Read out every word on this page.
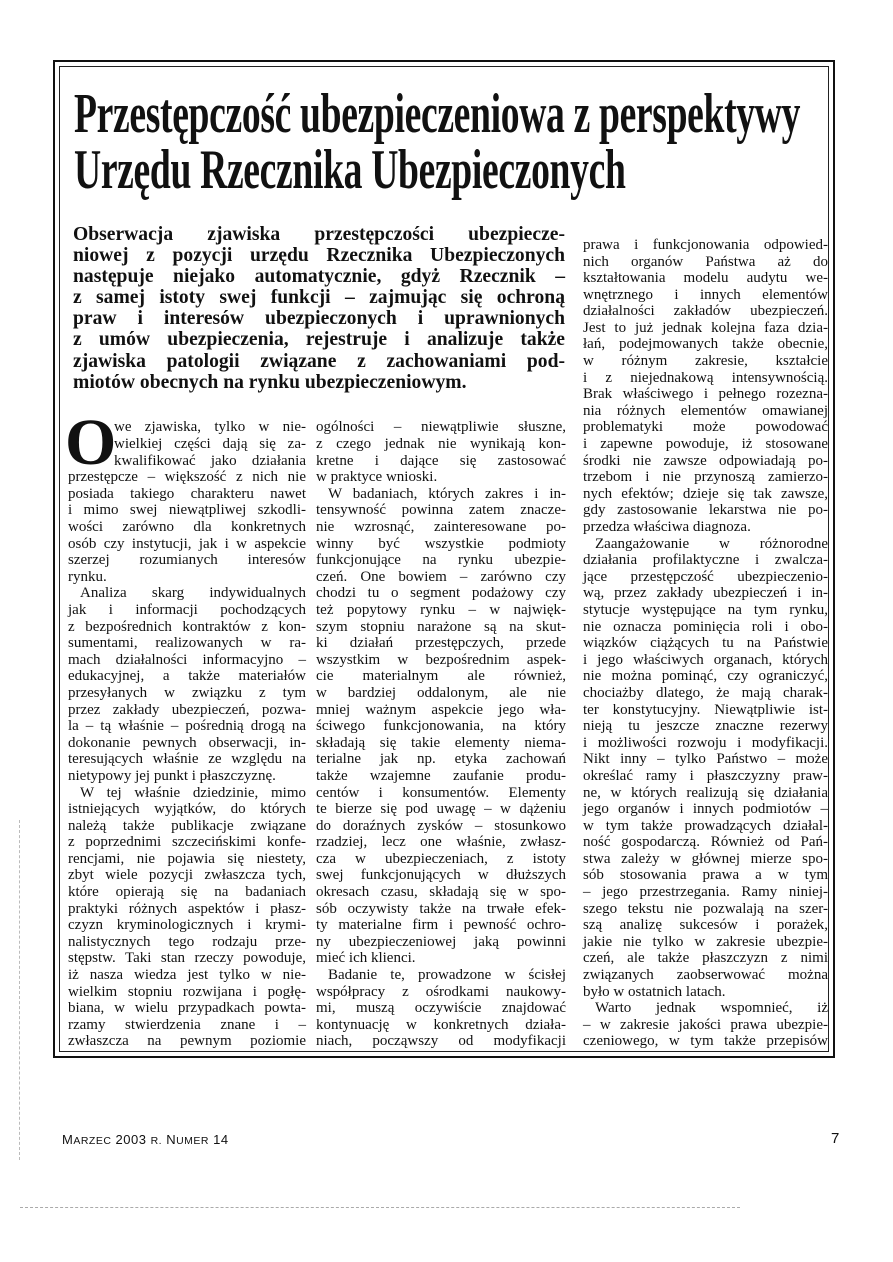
Przestępczość ubezpieczeniowa z perspektywy
Urzędu Rzecznika Ubezpieczonych
Obserwacja zjawiska przestępczości ubezpiecze-
niowej z pozycji urzędu Rzecznika Ubezpieczonych
następuje niejako automatycznie, gdyż Rzecznik –
z samej istoty swej funkcji – zajmując się ochroną
praw i interesów ubezpieczonych i uprawnionych
z umów ubezpieczenia, rejestruje i analizuje także
zjawiska patologii związane z zachowaniami pod-
miotów obecnych na rynku ubezpieczeniowym.
O
we zjawiska, tylko w nie-
wielkiej części dają się za-
kwalifikować jako działania
przestępcze – większość z nich nie
posiada takiego charakteru nawet
i mimo swej niewątpliwej szkodli-
wości zarówno dla konkretnych
osób czy instytucji, jak i w aspekcie
szerzej rozumianych interesów
rynku.
Analiza skarg indywidualnych
jak i informacji pochodzących
z bezpośrednich kontraktów z kon-
sumentami, realizowanych w ra-
mach działalności informacyjno –
edukacyjnej, a także materiałów
przesyłanych w związku z tym
przez zakłady ubezpieczeń, pozwa-
la – tą właśnie – pośrednią drogą na
dokonanie pewnych obserwacji, in-
teresujących właśnie ze względu na
nietypowy jej punkt i płaszczyznę.
W tej właśnie dziedzinie, mimo
istniejących wyjątków, do których
należą także publikacje związane
z poprzednimi szczecińskimi konfe-
rencjami, nie pojawia się niestety,
zbyt wiele pozycji zwłaszcza tych,
które opierają się na badaniach
praktyki różnych aspektów i płasz-
czyzn kryminologicznych i krymi-
nalistycznych tego rodzaju prze-
stępstw. Taki stan rzeczy powoduje,
iż nasza wiedza jest tylko w nie-
wielkim stopniu rozwijana i pogłę-
biana, w wielu przypadkach powta-
rzamy stwierdzenia znane i –
zwłaszcza na pewnym poziomie
ogólności – niewątpliwie słuszne,
z czego jednak nie wynikają kon-
kretne i dające się zastosować
w praktyce wnioski.
W badaniach, których zakres i in-
tensywność powinna zatem znacze-
nie wzrosnąć, zainteresowane po-
winny być wszystkie podmioty
funkcjonujące na rynku ubezpie-
czeń. One bowiem – zarówno czy
chodzi tu o segment podażowy czy
też popytowy rynku – w najwięk-
szym stopniu narażone są na skut-
ki działań przestępczych, przede
wszystkim w bezpośrednim aspek-
cie materialnym ale również,
w bardziej oddalonym, ale nie
mniej ważnym aspekcie jego wła-
ściwego funkcjonowania, na który
składają się takie elementy niema-
terialne jak np. etyka zachowań
także wzajemne zaufanie produ-
centów i konsumentów. Elementy
te bierze się pod uwagę – w dążeniu
do doraźnych zysków – stosunkowo
rzadziej, lecz one właśnie, zwłasz-
cza w ubezpieczeniach, z istoty
swej funkcjonujących w dłuższych
okresach czasu, składają się w spo-
sób oczywisty także na trwałe efek-
ty materialne firm i pewność ochro-
ny ubezpieczeniowej jaką powinni
mieć ich klienci.
Badanie te, prowadzone w ścisłej
współpracy z ośrodkami naukowy-
mi, muszą oczywiście znajdować
kontynuację w konkretnych działa-
niach, począwszy od modyfikacji
prawa i funkcjonowania odpowied-
nich organów Państwa aż do
kształtowania modelu audytu we-
wnętrznego i innych elementów
działalności zakładów ubezpieczeń.
Jest to już jednak kolejna faza dzia-
łań, podejmowanych także obecnie,
w różnym zakresie, kształcie
i z niejednakową intensywnością.
Brak właściwego i pełnego rozezna-
nia różnych elementów omawianej
problematyki może powodować
i zapewne powoduje, iż stosowane
środki nie zawsze odpowiadają po-
trzebom i nie przynoszą zamierzo-
nych efektów; dzieje się tak zawsze,
gdy zastosowanie lekarstwa nie po-
przedza właściwa diagnoza.
Zaangażowanie w różnorodne
działania profilaktyczne i zwalcza-
jące przestępczość ubezpieczenio-
wą, przez zakłady ubezpieczeń i in-
stytucje występujące na tym rynku,
nie oznacza pominięcia roli i obo-
wiązków ciążących tu na Państwie
i jego właściwych organach, których
nie można pominąć, czy ograniczyć,
chociażby dlatego, że mają charak-
ter konstytucyjny. Niewątpliwie ist-
nieją tu jeszcze znaczne rezerwy
i możliwości rozwoju i modyfikacji.
Nikt inny – tylko Państwo – może
określać ramy i płaszczyzny praw-
ne, w których realizują się działania
jego organów i innych podmiotów –
w tym także prowadzących działal-
ność gospodarczą. Również od Pań-
stwa zależy w głównej mierze spo-
sób stosowania prawa a w tym
– jego przestrzegania. Ramy niniej-
szego tekstu nie pozwalają na szer-
szą analizę sukcesów i porażek,
jakie nie tylko w zakresie ubezpie-
czeń, ale także płaszczyzn z nimi
związanych zaobserwować można
było w ostatnich latach.
Warto jednak wspomnieć, iż
– w zakresie jakości prawa ubezpie-
czeniowego, w tym także przepisów
MARZEC 2003 R. NUMER 14	7
